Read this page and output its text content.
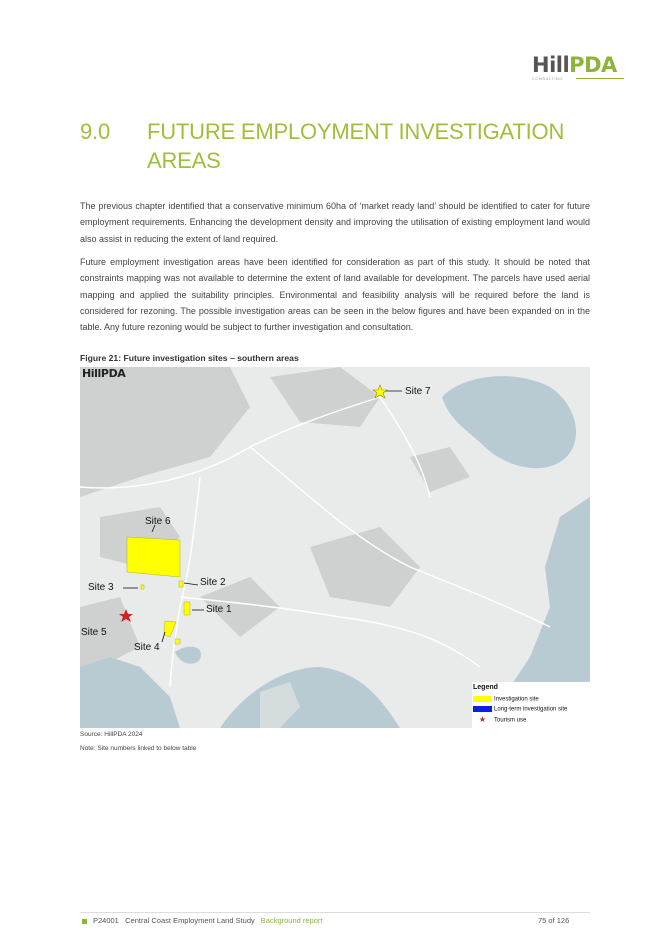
HillPDA
CONSULTING
9.0	FUTURE EMPLOYMENT INVESTIGATION
AREAS
The previous chapter identified that a conservative minimum 60ha of ‘market ready land’ should be identified to cater for future employment requirements. Enhancing the development density and improving the utilisation of existing employment land would also assist in reducing the extent of land required.
Future employment investigation areas have been identified for consideration as part of this study. It should be noted that constraints mapping was not available to determine the extent of land available for development. The parcels have used aerial mapping and applied the suitability principles. Environmental and feasibility analysis will be required before the land is considered for rezoning. The possible investigation areas can be seen in the below figures and have been expanded on in the table. Any future rezoning would be subject to further investigation and consultation.
Figure 21: Future investigation sites – southern areas
HillPDA
Site 6
Site 7
Site 2
Site 1
Site 3
Site 5
Site 4
Legend
Investigation site
Long-term investigation site
★ Tourism use
Source: HillPDA 2024
Note: Site numbers linked to below table
P24001 Central Coast Employment Land Study Background report	75 of 126
